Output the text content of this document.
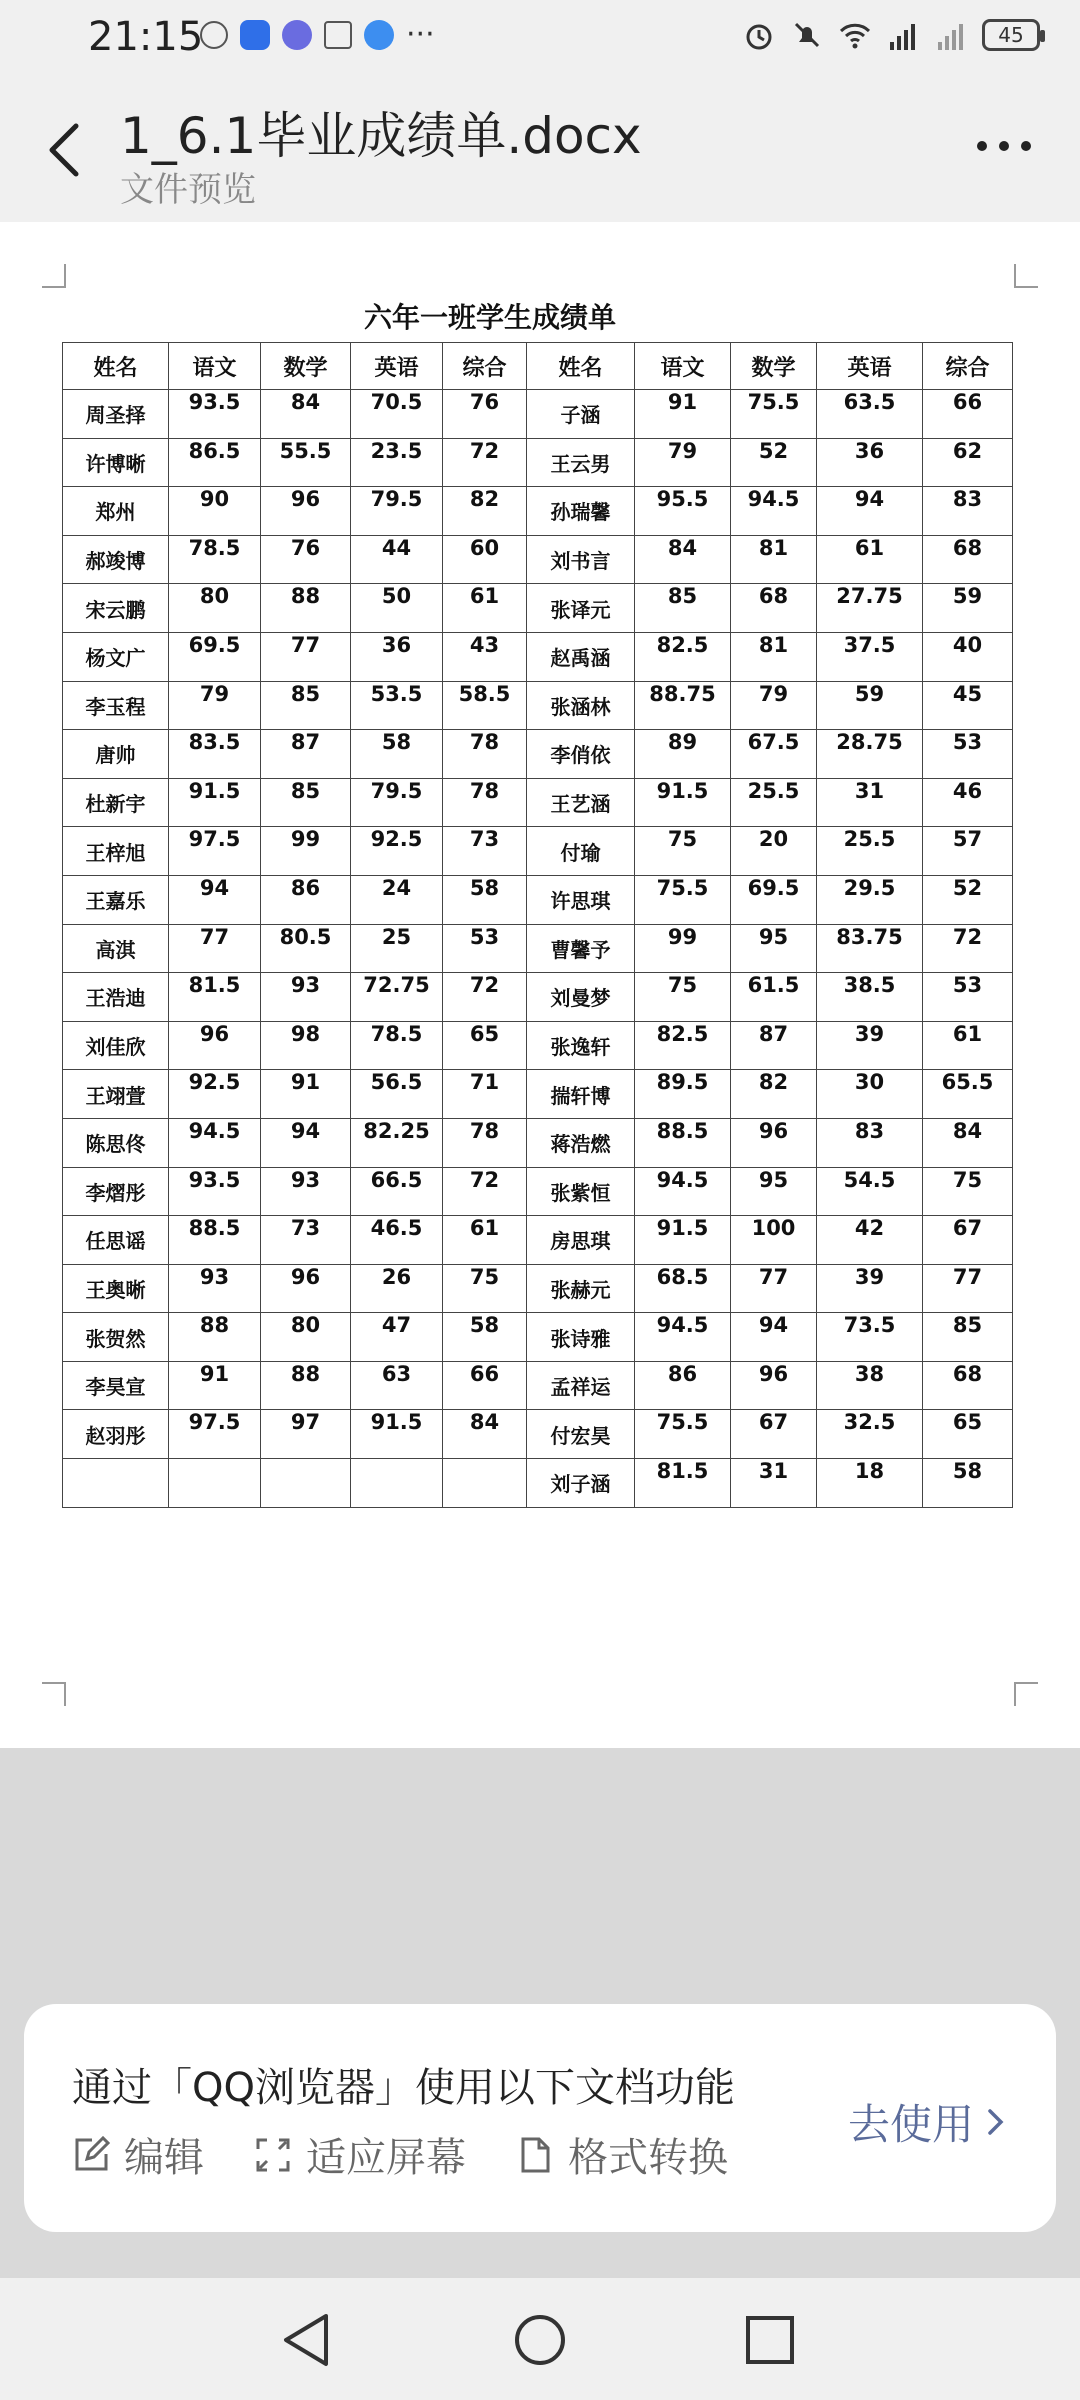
21:15	···	45
1_6.1毕业成绩单.docx
文件预览
六年一班学生成绩单
姓名	语文	数学	英语	综合	姓名	语文	数学	英语	综合
周圣择	93.5	84	70.5	76	子涵	91	75.5	63.5	66
许博晰	86.5	55.5	23.5	72	王云男	79	52	36	62
郑州	90	96	79.5	82	孙瑞馨	95.5	94.5	94	83
郝竣博	78.5	76	44	60	刘书言	84	81	61	68
宋云鹏	80	88	50	61	张译元	85	68	27.75	59
杨文广	69.5	77	36	43	赵禹涵	82.5	81	37.5	40
李玉程	79	85	53.5	58.5	张涵林	88.75	79	59	45
唐帅	83.5	87	58	78	李俏依	89	67.5	28.75	53
杜新宇	91.5	85	79.5	78	王艺涵	91.5	25.5	31	46
王梓旭	97.5	99	92.5	73	付瑜	75	20	25.5	57
王嘉乐	94	86	24	58	许思琪	75.5	69.5	29.5	52
高淇	77	80.5	25	53	曹馨予	99	95	83.75	72
王浩迪	81.5	93	72.75	72	刘曼梦	75	61.5	38.5	53
刘佳欣	96	98	78.5	65	张逸轩	82.5	87	39	61
王翊萱	92.5	91	56.5	71	揣轩博	89.5	82	30	65.5
陈思佟	94.5	94	82.25	78	蒋浩燃	88.5	96	83	84
李熠彤	93.5	93	66.5	72	张紫恒	94.5	95	54.5	75
任思谣	88.5	73	46.5	61	房思琪	91.5	100	42	67
王奥晰	93	96	26	75	张赫元	68.5	77	39	77
张贺然	88	80	47	58	张诗雅	94.5	94	73.5	85
李昊宣	91	88	63	66	孟祥运	86	96	38	68
赵羽彤	97.5	97	91.5	84	付宏昊	75.5	67	32.5	65
					刘子涵	81.5	31	18	58
通过「QQ浏览器」使用以下文档功能
编辑	适应屏幕	格式转换
去使用
